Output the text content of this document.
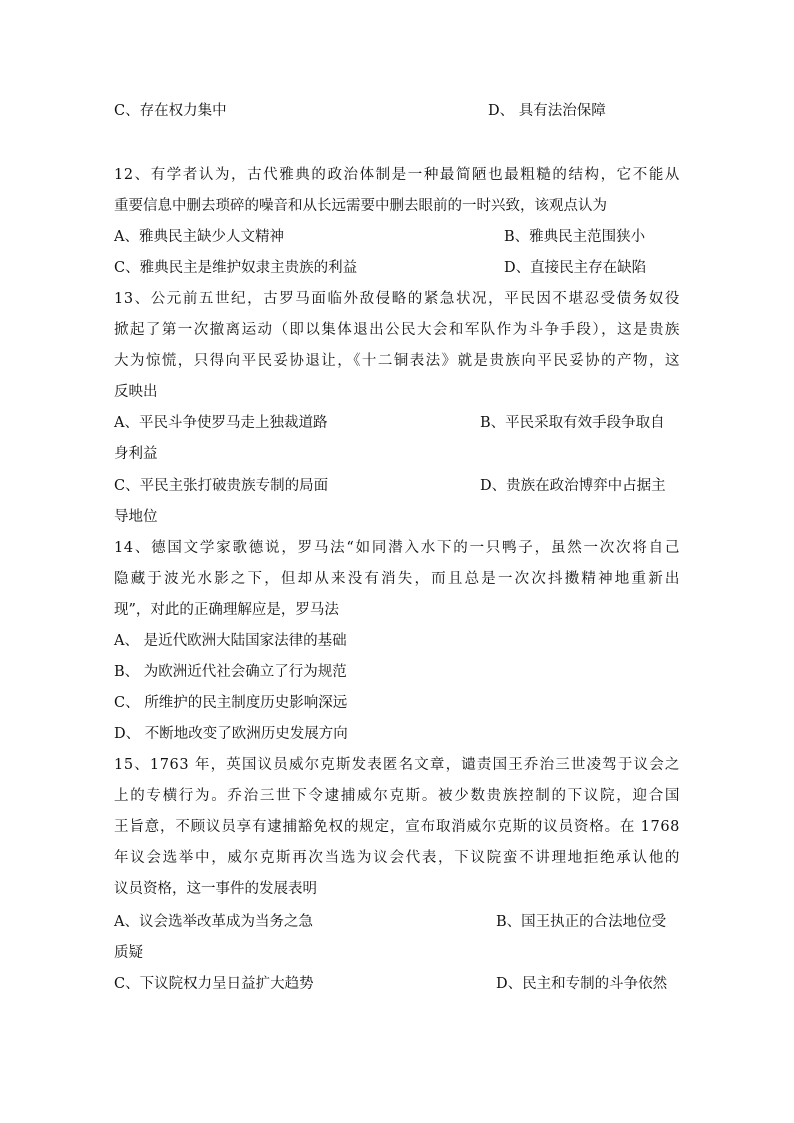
C、存在权力集中	D、 具有法治保障
12、有学者认为，古代雅典的政治体制是一种最简陋也最粗糙的结构，它不能从
重要信息中删去琐碎的噪音和从长远需要中删去眼前的一时兴致，该观点认为
A、雅典民主缺少人文精神	B、雅典民主范围狭小
C、雅典民主是维护奴隶主贵族的利益	D、直接民主存在缺陷
13、公元前五世纪，古罗马面临外敌侵略的紧急状况，平民因不堪忍受债务奴役
掀起了第一次撤离运动（即以集体退出公民大会和军队作为斗争手段），这是贵族
大为惊慌，只得向平民妥协退让，《十二铜表法》就是贵族向平民妥协的产物，这
反映出
A、平民斗争使罗马走上独裁道路	B、平民采取有效手段争取自
身利益
C、平民主张打破贵族专制的局面	D、贵族在政治博弈中占据主
导地位
14、德国文学家歌德说，罗马法“如同潜入水下的一只鸭子，虽然一次次将自己
隐藏于波光水影之下，但却从来没有消失，而且总是一次次抖擞精神地重新出
现”，对此的正确理解应是，罗马法
A、 是近代欧洲大陆国家法律的基础
B、 为欧洲近代社会确立了行为规范
C、 所维护的民主制度历史影响深远
D、 不断地改变了欧洲历史发展方向
15、1763 年，英国议员威尔克斯发表匿名文章，谴责国王乔治三世凌驾于议会之
上的专横行为。乔治三世下令逮捕威尔克斯。被少数贵族控制的下议院，迎合国
王旨意，不顾议员享有逮捕豁免权的规定，宣布取消威尔克斯的议员资格。在 1768
年议会选举中，威尔克斯再次当选为议会代表，下议院蛮不讲理地拒绝承认他的
议员资格，这一事件的发展表明
A、议会选举改革成为当务之急	B、国王执正的合法地位受
质疑
C、下议院权力呈日益扩大趋势	D、民主和专制的斗争依然
